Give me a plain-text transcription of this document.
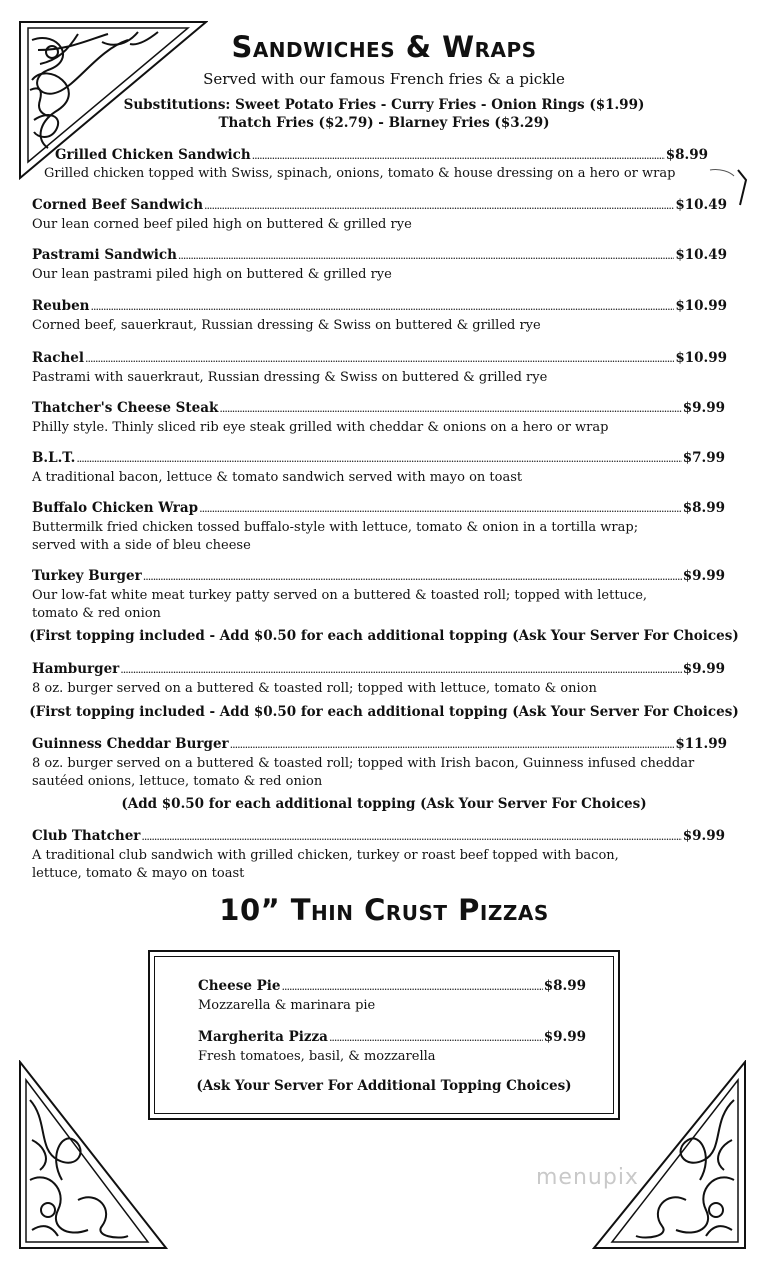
Sandwiches & Wraps
Served with our famous French fries & a pickle
Substitutions: Sweet Potato Fries - Curry Fries - Onion Rings ($1.99)
Thatch Fries ($2.79) - Blarney Fries ($3.29)
Grilled Chicken Sandwich .....	$8.99
Grilled chicken topped with Swiss, spinach, onions, tomato & house dressing on a hero or wrap
Corned Beef Sandwich .....	$10.49
Our lean corned beef piled high on buttered & grilled rye
Pastrami Sandwich .....	$10.49
Our lean pastrami piled high on buttered & grilled rye
Reuben .....	$10.99
Corned beef, sauerkraut, Russian dressing & Swiss on buttered & grilled rye
Rachel .....	$10.99
Pastrami with sauerkraut, Russian dressing & Swiss on buttered & grilled rye
Thatcher's Cheese Steak .....	$9.99
Philly style. Thinly sliced rib eye steak grilled with cheddar & onions on a hero or wrap
B.L.T. .....	$7.99
A traditional bacon, lettuce & tomato sandwich served with mayo on toast
Buffalo Chicken Wrap .....	$8.99
Buttermilk fried chicken tossed buffalo-style with lettuce, tomato & onion in a tortilla wrap;
served with a side of bleu cheese
Turkey Burger .....	$9.99
Our low-fat white meat turkey patty served on a buttered & toasted roll; topped with lettuce,
tomato & red onion
(First topping included - Add $0.50 for each additional topping (Ask Your Server For Choices)
Hamburger .....	$9.99
8 oz. burger served on a buttered & toasted roll; topped with lettuce, tomato & onion
(First topping included - Add $0.50 for each additional topping (Ask Your Server For Choices)
Guinness Cheddar Burger .....	$11.99
8 oz. burger served on a buttered & toasted roll; topped with Irish bacon, Guinness infused cheddar
sautéed onions, lettuce, tomato & red onion
(Add $0.50 for each additional topping (Ask Your Server For Choices)
Club Thatcher .....	$9.99
A traditional club sandwich with grilled chicken, turkey or roast beef topped with bacon,
lettuce, tomato & mayo on toast
10” Thin Crust Pizzas
Cheese Pie .....	$8.99
Mozzarella & marinara pie
Margherita Pizza .....	$9.99
Fresh tomatoes, basil, & mozzarella
(Ask Your Server For Additional Topping Choices)
menupix
